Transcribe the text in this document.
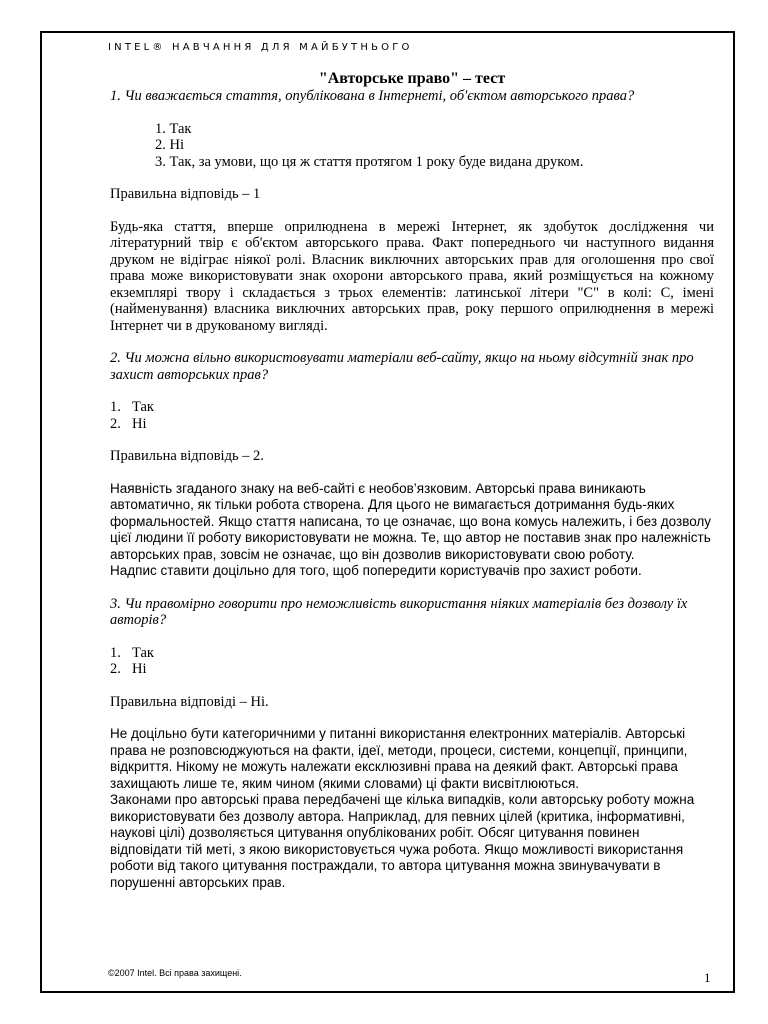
INTEL® НАВЧАННЯ ДЛЯ МАЙБУТНЬОГО
"Авторське право" – тест

1. Чи вважається стаття, опублікована в Інтернеті, об'єктом авторського права?

1. Так
2. Ні
3. Так, за умови, що ця ж стаття протягом 1 року буде видана друком.

Правильна відповідь – 1

Будь-яка стаття, вперше оприлюднена в мережі Інтернет, як здобуток дослідження чи літературний твір є об'єктом авторського права. Факт попереднього чи наступного видання друком не відіграє ніякої ролі. Власник виключних авторських прав для оголошення про свої права може використовувати знак охорони авторського права, який розміщується на кожному екземплярі твору і складається з трьох елементів: латинської літери "С" в колі: С, імені (найменування) власника виключних авторських прав, року першого оприлюднення в мережі Інтернет чи в друкованому вигляді.

2. Чи можна вільно використовувати матеріали веб-сайту, якщо на ньому відсутній знак про захист авторських прав?

1. Так
2. Ні

Правильна відповідь – 2.

Наявність згаданого знаку на веб-сайті є необов’язковим. Авторські права виникають автоматично, як тільки робота створена. Для цього не вимагається дотримання будь-яких формальностей. Якщо стаття написана, то це означає, що вона комусь належить, і без дозволу цієї людини її роботу використовувати не можна. Те, що автор не поставив знак про належність авторських прав, зовсім не означає, що він дозволив використовувати свою роботу.

Надпис ставити доцільно для того, щоб попередити користувачів про захист роботи.

3. Чи правомірно говорити про неможливість використання ніяких матеріалів без дозволу їх авторів?

1. Так
2. Ні

Правильна відповіді – Ні.

Не доцільно бути категоричними у питанні використання електронних матеріалів. Авторські права не розповсюджуються на факти, ідеї, методи, процеси, системи, концепції, принципи, відкриття. Нікому не можуть належати ексклюзивні права на деякий факт. Авторські права захищають лише те, яким чином (якими словами) ці факти висвітлюються.

Законами про авторські права передбачені ще кілька випадків, коли авторську роботу можна використовувати без дозволу автора. Наприклад, для певних цілей (критика, інформативні, наукові цілі) дозволяється цитування опублікованих робіт. Обсяг цитування повинен відповідати тій меті, з якою використовується чужа робота. Якщо можливості використання роботи від такого цитування постраждали, то автора цитування можна звинувачувати в порушенні авторських прав.

©2007 Intel. Всі права захищені.	1
